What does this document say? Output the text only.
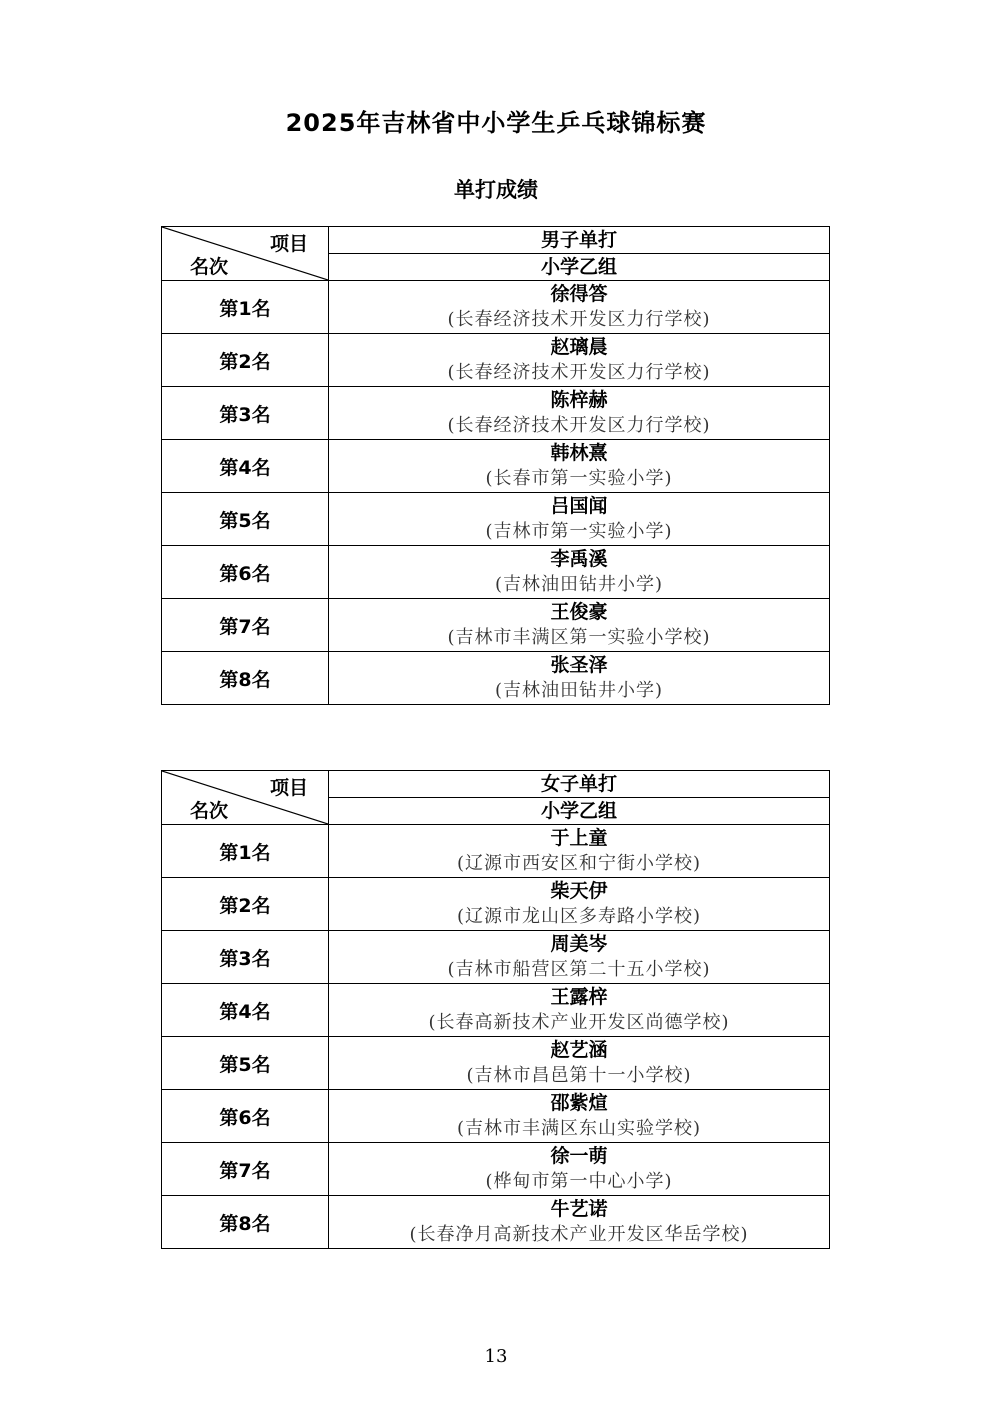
2025年吉林省中小学生乒乓球锦标赛
单打成绩
项目
名次	男子单打
	小学乙组
第1名	徐得答
(长春经济技术开发区力行学校)

第2名	赵璃晨
(长春经济技术开发区力行学校)

第3名	陈梓赫
(长春经济技术开发区力行学校)

第4名	韩林熹
(长春市第一实验小学)

第5名	吕国闻
(吉林市第一实验小学)

第6名	李禹溪
(吉林油田钻井小学)

第7名	王俊豪
(吉林市丰满区第一实验小学校)

第8名	张圣泽
(吉林油田钻井小学)
项目
名次	女子单打
	小学乙组
第1名	于上童
(辽源市西安区和宁街小学校)

第2名	柴天伊
(辽源市龙山区多寿路小学校)

第3名	周美岑
(吉林市船营区第二十五小学校)

第4名	王露梓
(长春高新技术产业开发区尚德学校)

第5名	赵艺涵
(吉林市昌邑第十一小学校)

第6名	邵紫煊
(吉林市丰满区东山实验学校)

第7名	徐一萌
(桦甸市第一中心小学)

第8名	牛艺诺
(长春净月高新技术产业开发区华岳学校)
13
